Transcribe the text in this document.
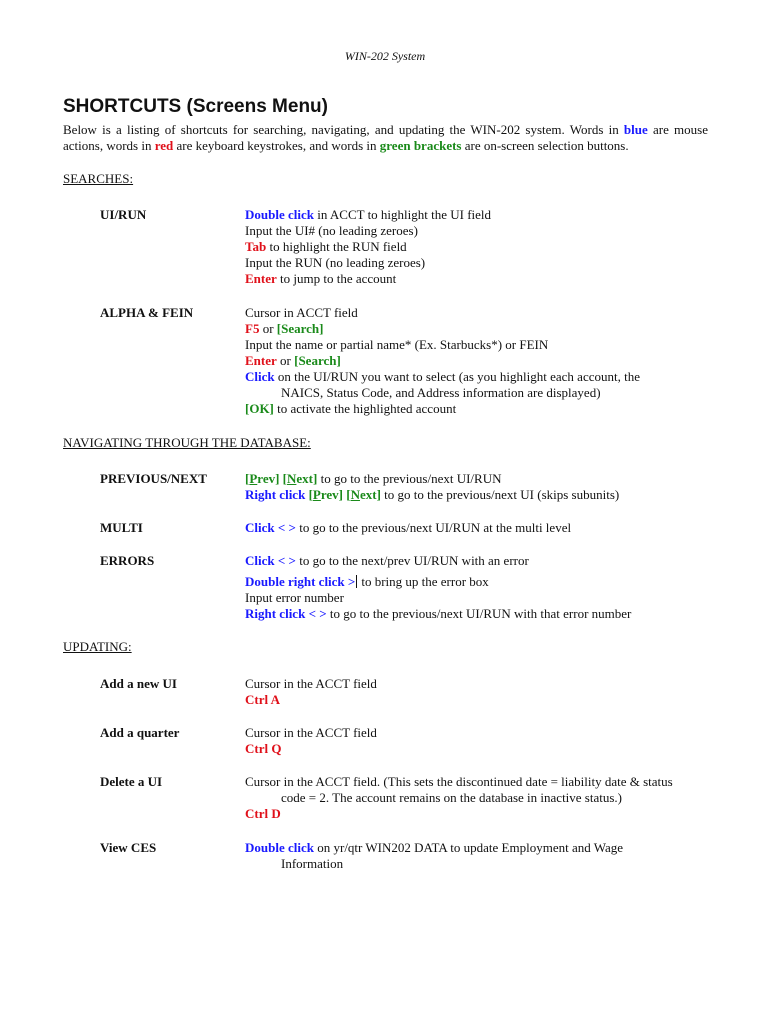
WIN-202 System
SHORTCUTS (Screens Menu)
Below is a listing of shortcuts for searching, navigating, and updating the WIN-202 system. Words in blue are mouse actions, words in red are keyboard keystrokes, and words in green brackets are on-screen selection buttons.
SEARCHES:
UI/RUN	Double click in ACCT to highlight the UI field
Input the UI# (no leading zeroes)
Tab to highlight the RUN field
Input the RUN (no leading zeroes)
Enter to jump to the account
ALPHA & FEIN	Cursor in ACCT field
F5 or [Search]
Input the name or partial name* (Ex. Starbucks*) or FEIN
Enter or [Search]
Click on the UI/RUN you want to select (as you highlight each account, the
NAICS, Status Code, and Address information are displayed)
[OK] to activate the highlighted account
NAVIGATING THROUGH THE DATABASE:
PREVIOUS/NEXT	[Prev] [Next] to go to the previous/next UI/RUN
Right click [Prev] [Next] to go to the previous/next UI (skips subunits)
MULTI	Click < > to go to the previous/next UI/RUN at the multi level
ERRORS	Click < > to go to the next/prev UI/RUN with an error
Double right click > to bring up the error box
Input error number
Right click < > to go to the previous/next UI/RUN with that error number
UPDATING:
Add a new UI	Cursor in the ACCT field
Ctrl A
Add a quarter	Cursor in the ACCT field
Ctrl Q
Delete a UI	Cursor in the ACCT field. (This sets the discontinued date = liability date & status
code = 2. The account remains on the database in inactive status.)
Ctrl D
View CES	Double click on yr/qtr WIN202 DATA to update Employment and Wage
Information
